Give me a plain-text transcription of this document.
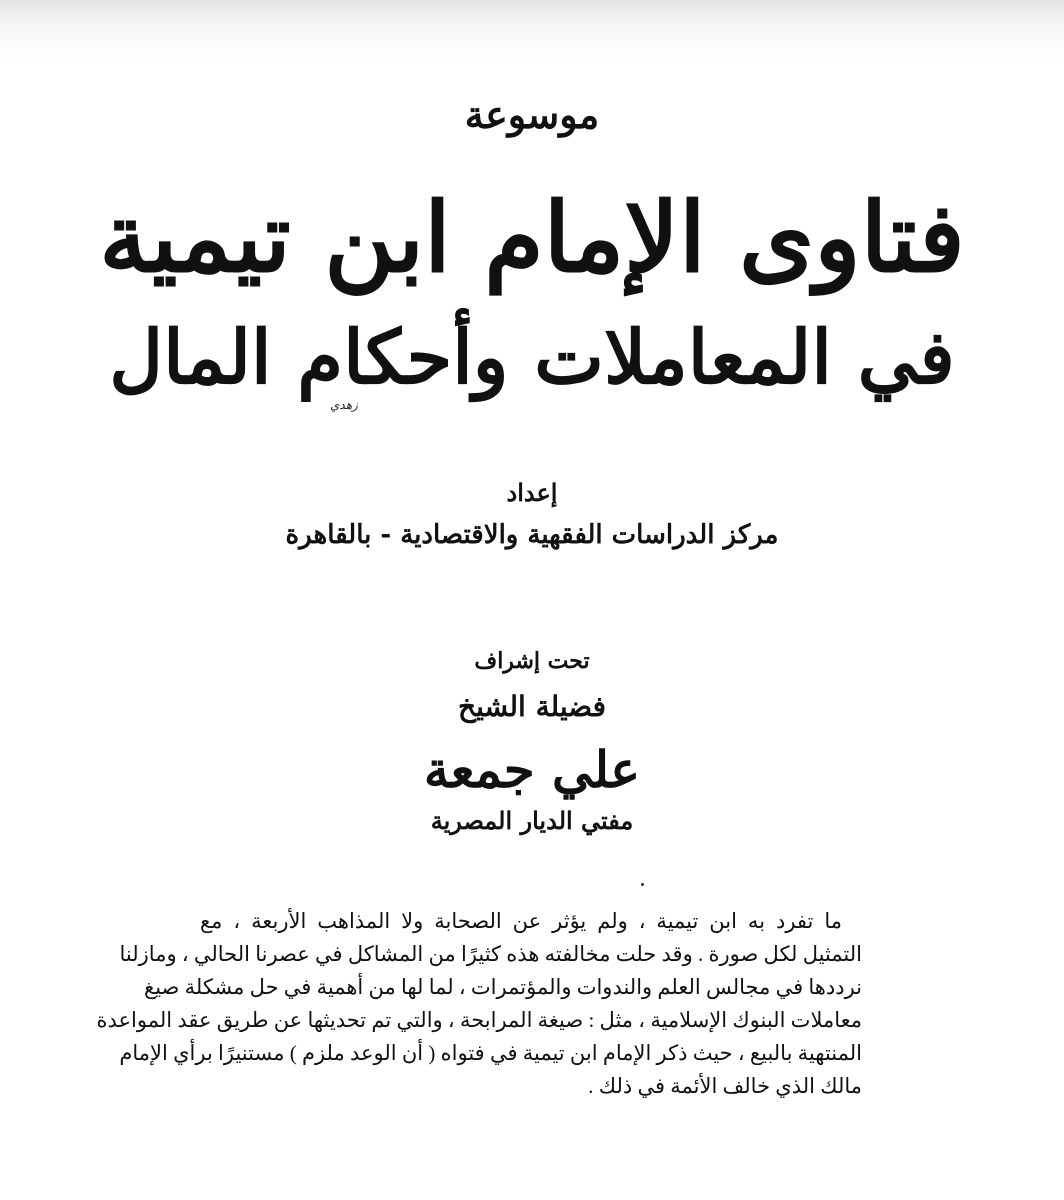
موسوعة
فتاوى الإمام ابن تيمية
في المعاملات وأحكام المال
زهدي
إعداد
مركز الدراسات الفقهية والاقتصادية - بالقاهرة
تحت إشراف
فضيلة الشيخ
علي جمعة
مفتي الديار المصرية
ما تفرد به ابن تيمية ، ولم يؤثر عن الصحابة ولا المذاهب الأربعة ، مع
التمثيل لكل صورة . وقد حلت مخالفته هذه كثيرًا من المشاكل في عصرنا الحالي ، ومازلنا
نرددها في مجالس العلم والندوات والمؤتمرات ، لما لها من أهمية في حل مشكلة صيغ
معاملات البنوك الإسلامية ، مثل : صيغة المرابحة ، والتي تم تحديثها عن طريق عقد المواعدة
المنتهية بالبيع ، حيث ذكر الإمام ابن تيمية في فتواه ( أن الوعد ملزم ) مستنيرًا برأي الإمام
مالك الذي خالف الأئمة في ذلك .
